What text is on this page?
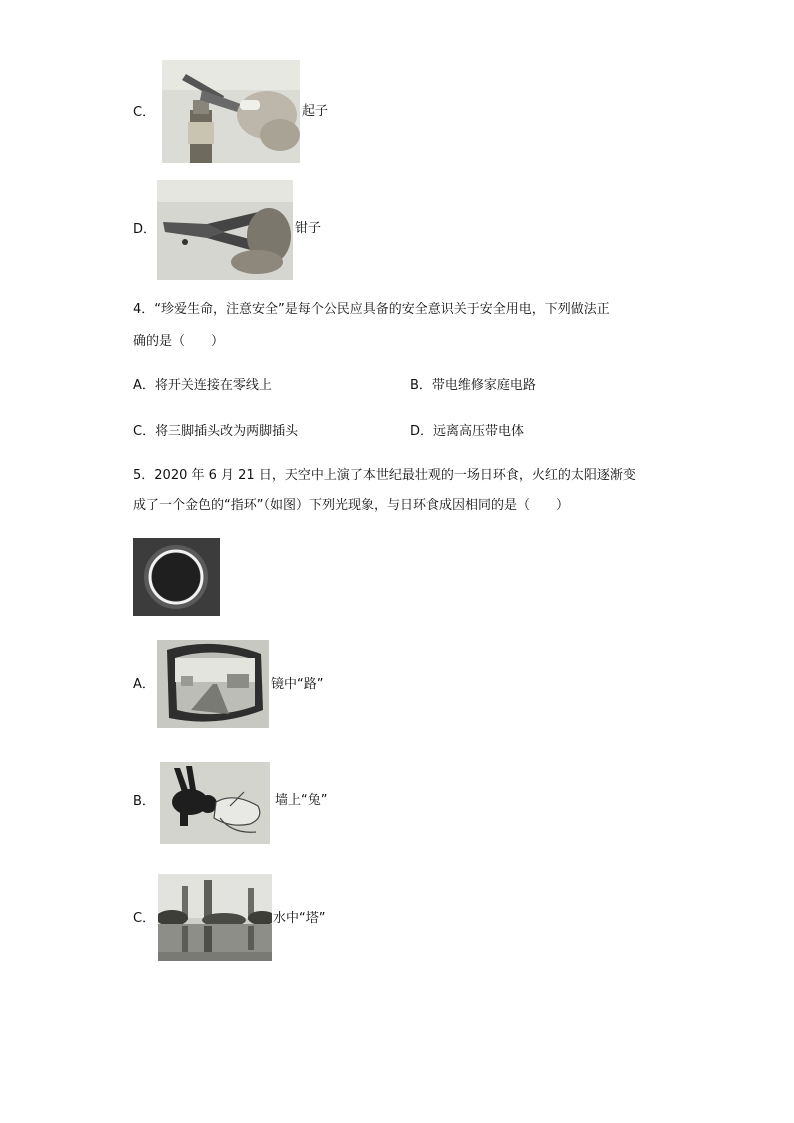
C．	起子
D．	钳子
4．“珍爱生命，注意安全”是每个公民应具备的安全意识关于安全用电，下列做法正
确的是（　　）
A．将开关连接在零线上	B．带电维修家庭电路
C．将三脚插头改为两脚插头	D．远离高压带电体
5．2020 年 6 月 21 日，天空中上演了本世纪最壮观的一场日环食，火红的太阳逐渐变
成了一个金色的“指环”（如图）下列光现象，与日环食成因相同的是（　　）
A．	镜中“路”
B．	墙上“兔”
C．	水中“塔”
